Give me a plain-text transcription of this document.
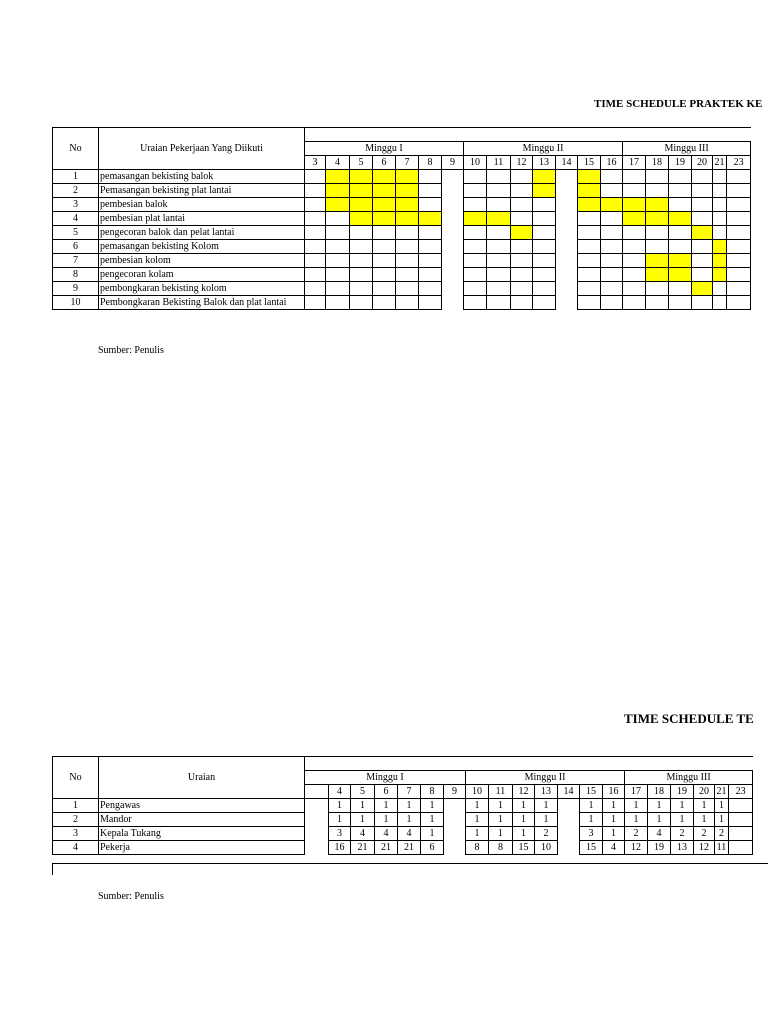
TIME SCHEDULE PRAKTEK KE
No	Uraian Pekerjaan Yang Diikuti																				
		Minggu I							Minggu II							Minggu III					
		3	4	5	6	7	8	9	10	11	12	13	14	15	16	17	18	19	20	21	23
1	pemasangan bekisting balok																				
2	Pemasangan bekisting plat lantai																				
3	pembesian balok																				
4	pembesian plat lantai																				
5	pengecoran balok dan pelat lantai																				
6	pemasangan bekisting Kolom																				
7	pembesian kolom																				
8	pengecoran kolam																				
9	pembongkaran bekisting kolom																				
10	Pembongkaran Bekisting Balok dan plat lantai																				
Sumber: Penulis
TIME SCHEDULE TE
No	Uraian																				
		Minggu I							Minggu II							Minggu III					
			4	5	6	7	8	9	10	11	12	13	14	15	16	17	18	19	20	21	23
1	Pengawas		1	1	1	1	1		1	1	1	1		1	1	1	1	1	1	1	
2	Mandor		1	1	1	1	1		1	1	1	1		1	1	1	1	1	1	1	
3	Kepala Tukang		3	4	4	4	1		1	1	1	2		3	1	2	4	2	2	2	
4	Pekerja		16	21	21	21	6		8	8	15	10		15	4	12	19	13	12	11	
Sumber: Penulis
